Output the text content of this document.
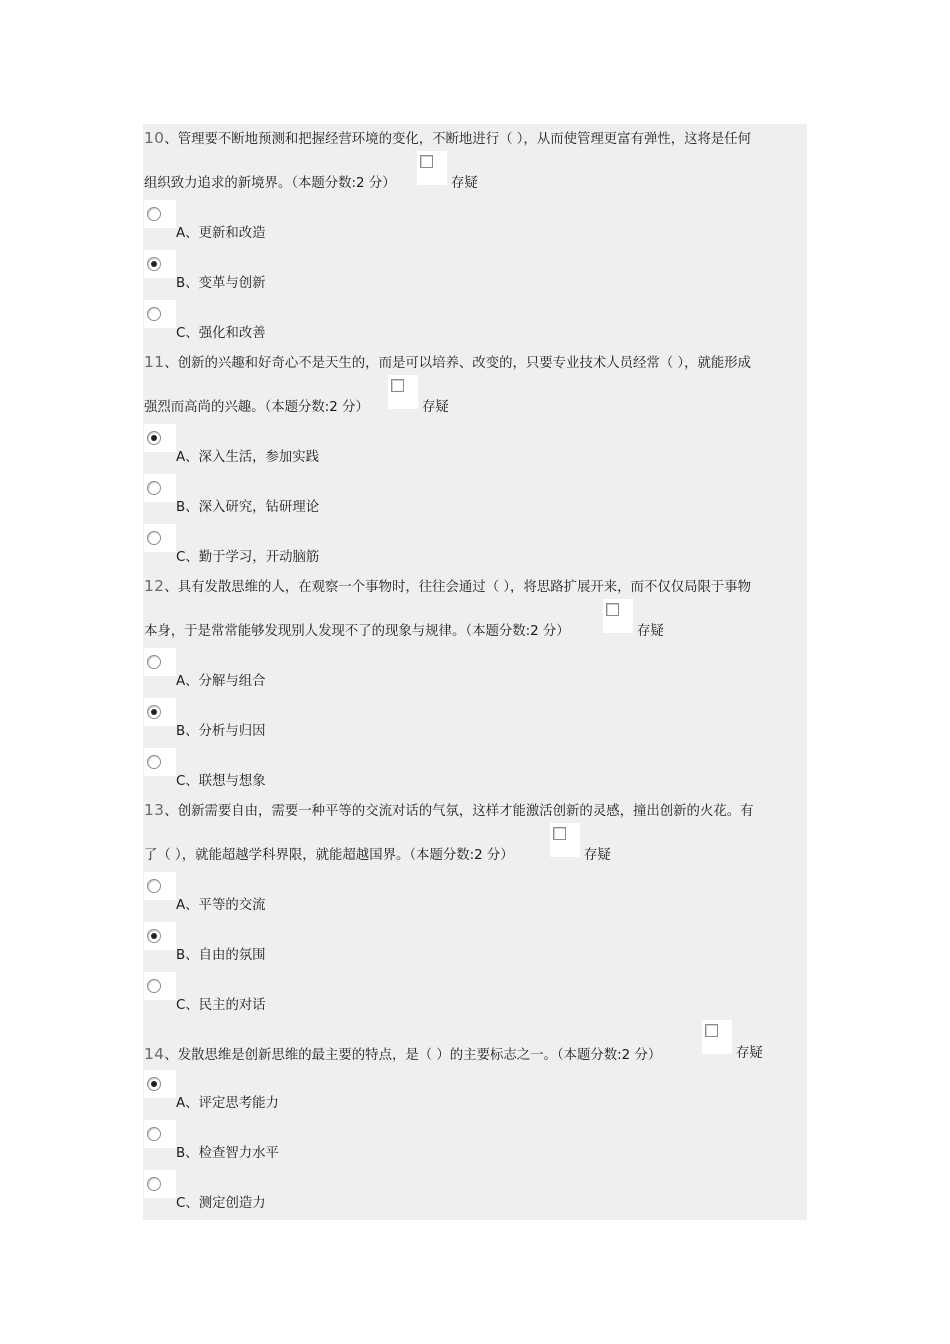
10、管理要不断地预测和把握经营环境的变化，不断地进行（ ），从而使管理更富有弹性，这将是任何
组织致力追求的新境界。（本题分数:2 分）	存疑
A、更新和改造
B、变革与创新
C、强化和改善
11、创新的兴趣和好奇心不是天生的，而是可以培养、改变的，只要专业技术人员经常（ ），就能形成
强烈而高尚的兴趣。（本题分数:2 分）	存疑
A、深入生活，参加实践
B、深入研究，钻研理论
C、勤于学习，开动脑筋
12、具有发散思维的人，在观察一个事物时，往往会通过（ ），将思路扩展开来，而不仅仅局限于事物
本身，于是常常能够发现别人发现不了的现象与规律。（本题分数:2 分）	存疑
A、分解与组合
B、分析与归因
C、联想与想象
13、创新需要自由，需要一种平等的交流对话的气氛，这样才能激活创新的灵感，撞出创新的火花。有
了（ ），就能超越学科界限，就能超越国界。（本题分数:2 分）	存疑
A、平等的交流
B、自由的氛围
C、民主的对话
14、发散思维是创新思维的最主要的特点，是（ ）的主要标志之一。（本题分数:2 分）	存疑
A、评定思考能力
B、检查智力水平
C、测定创造力
